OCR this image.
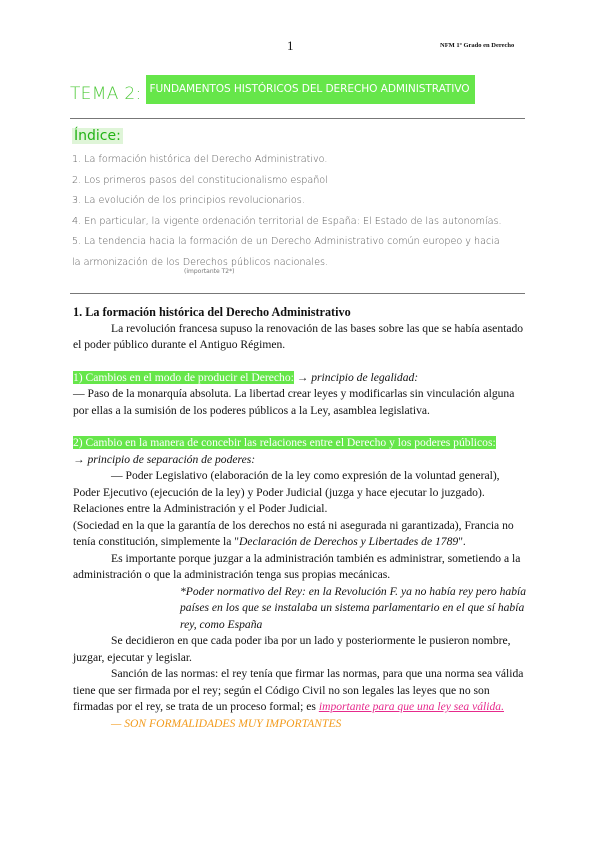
1	NFM 1º Grado en Derecho
TEMA 2: FUNDAMENTOS HISTÓRICOS DEL DERECHO ADMINISTRATIVO
Índice:
1. La formación histórica del Derecho Administrativo.
2. Los primeros pasos del constitucionalismo español
3. La evolución de los principios revolucionarios.
4. En particular, la vigente ordenación territorial de España: El Estado de las autonomías.
5. La tendencia hacia la formación de un Derecho Administrativo común europeo y hacia
la armonización de los Derechos públicos nacionales.
(importante T2*)

1. La formación histórica del Derecho Administrativo

La revolución francesa supuso la renovación de las bases sobre las que se había asentado el poder público durante el Antiguo Régimen.

1) Cambios en el modo de producir el Derecho: → principio de legalidad:

— Paso de la monarquía absoluta. La libertad crear leyes y modificarlas sin vinculación alguna por ellas a la sumisión de los poderes públicos a la Ley, asamblea legislativa.

2) Cambio en la manera de concebir las relaciones entre el Derecho y los poderes públicos:

→ principio de separación de poderes:

— Poder Legislativo (elaboración de la ley como expresión de la voluntad general), Poder Ejecutivo (ejecución de la ley) y Poder Judicial (juzga y hace ejecutar lo juzgado). Relaciones entre la Administración y el Poder Judicial.

(Sociedad en la que la garantía de los derechos no está ni asegurada ni garantizada), Francia no tenía constitución, simplemente la "Declaración de Derechos y Libertades de 1789".

Es importante porque juzgar a la administración también es administrar, sometiendo a la administración o que la administración tenga sus propias mecánicas.

*Poder normativo del Rey: en la Revolución F. ya no había rey pero había países en los que se instalaba un sistema parlamentario en el que sí había rey, como España

Se decidieron en que cada poder iba por un lado y posteriormente le pusieron nombre, juzgar, ejecutar y legislar.

Sanción de las normas: el rey tenía que firmar las normas, para que una norma sea válida tiene que ser firmada por el rey; según el Código Civil no son legales las leyes que no son firmadas por el rey, se trata de un proceso formal; es importante para que una ley sea válida.

— SON FORMALIDADES MUY IMPORTANTES
